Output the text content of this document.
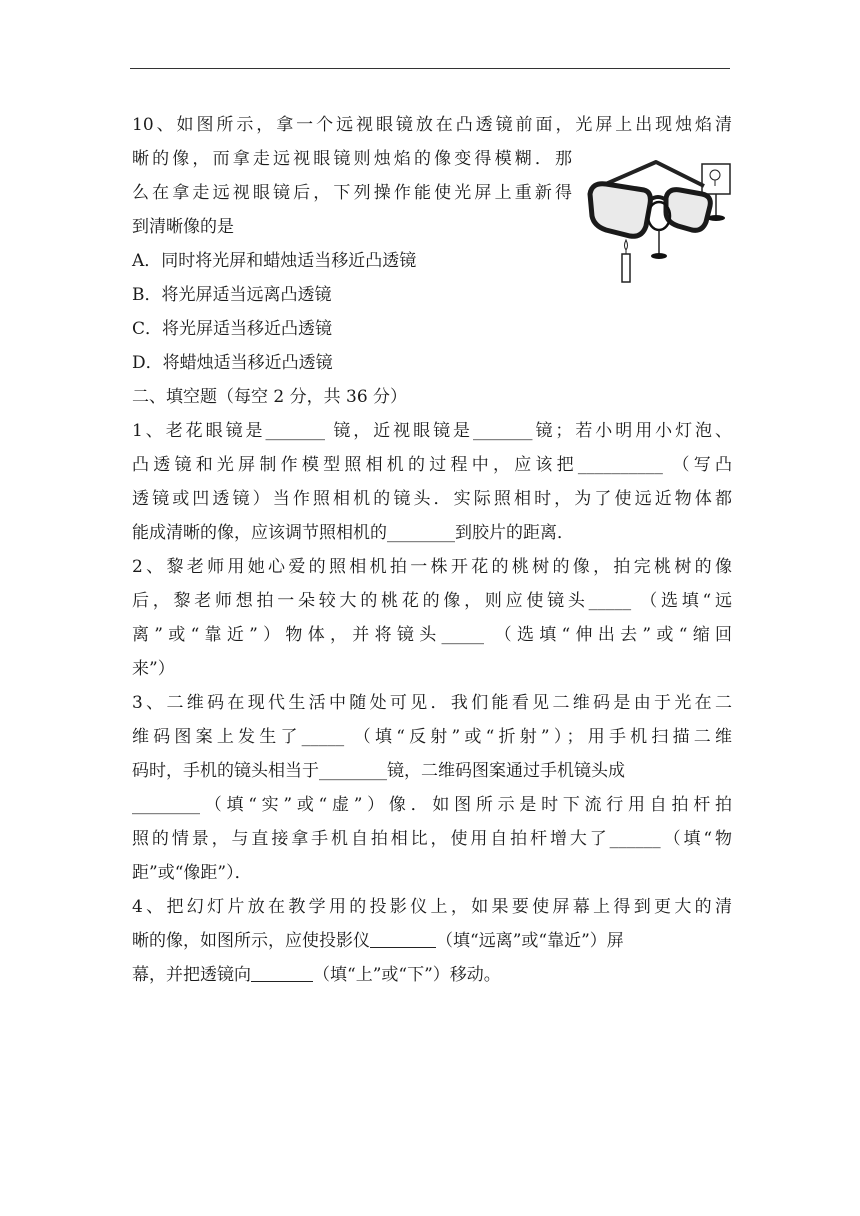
10、如图所示，拿一个远视眼镜放在凸透镜前面，光屏上出现烛焰清
晰的像，而拿走远视眼镜则烛焰的像变得模糊．那
么在拿走远视眼镜后，下列操作能使光屏上重新得
到清晰像的是
A．同时将光屏和蜡烛适当移近凸透镜
B．将光屏适当远离凸透镜
C．将光屏适当移近凸透镜
D．将蜡烛适当移近凸透镜
二、填空题（每空 2 分，共 36 分）
1、老花眼镜是_______ 镜，近视眼镜是_______镜；若小明用小灯泡、
凸透镜和光屏制作模型照相机的过程中，应该把__________ （写凸
透镜或凹透镜）当作照相机的镜头．实际照相时，为了使远近物体都
能成清晰的像，应该调节照相机的________到胶片的距离．
2、黎老师用她心爱的照相机拍一株开花的桃树的像，拍完桃树的像
后，黎老师想拍一朵较大的桃花的像，则应使镜头_____ （选填“远
离”或“靠近”）物体，并将镜头_____ （选填“伸出去”或“缩回
来”）
3、二维码在现代生活中随处可见．我们能看见二维码是由于光在二
维码图案上发生了_____ （填“反射”或“折射”）；用手机扫描二维
码时，手机的镜头相当于________镜，二维码图案通过手机镜头成
________（填“实”或“虚”）像．如图所示是时下流行用自拍杆拍
照的情景，与直接拿手机自拍相比，使用自拍杆增大了______（填“物
距”或“像距”）．
4、把幻灯片放在教学用的投影仪上，如果要使屏幕上得到更大的清
晰的像，如图所示，应使投影仪	（填“远离”或“靠近”）屏
幕，并把透镜向	（填“上”或“下”）移动。
